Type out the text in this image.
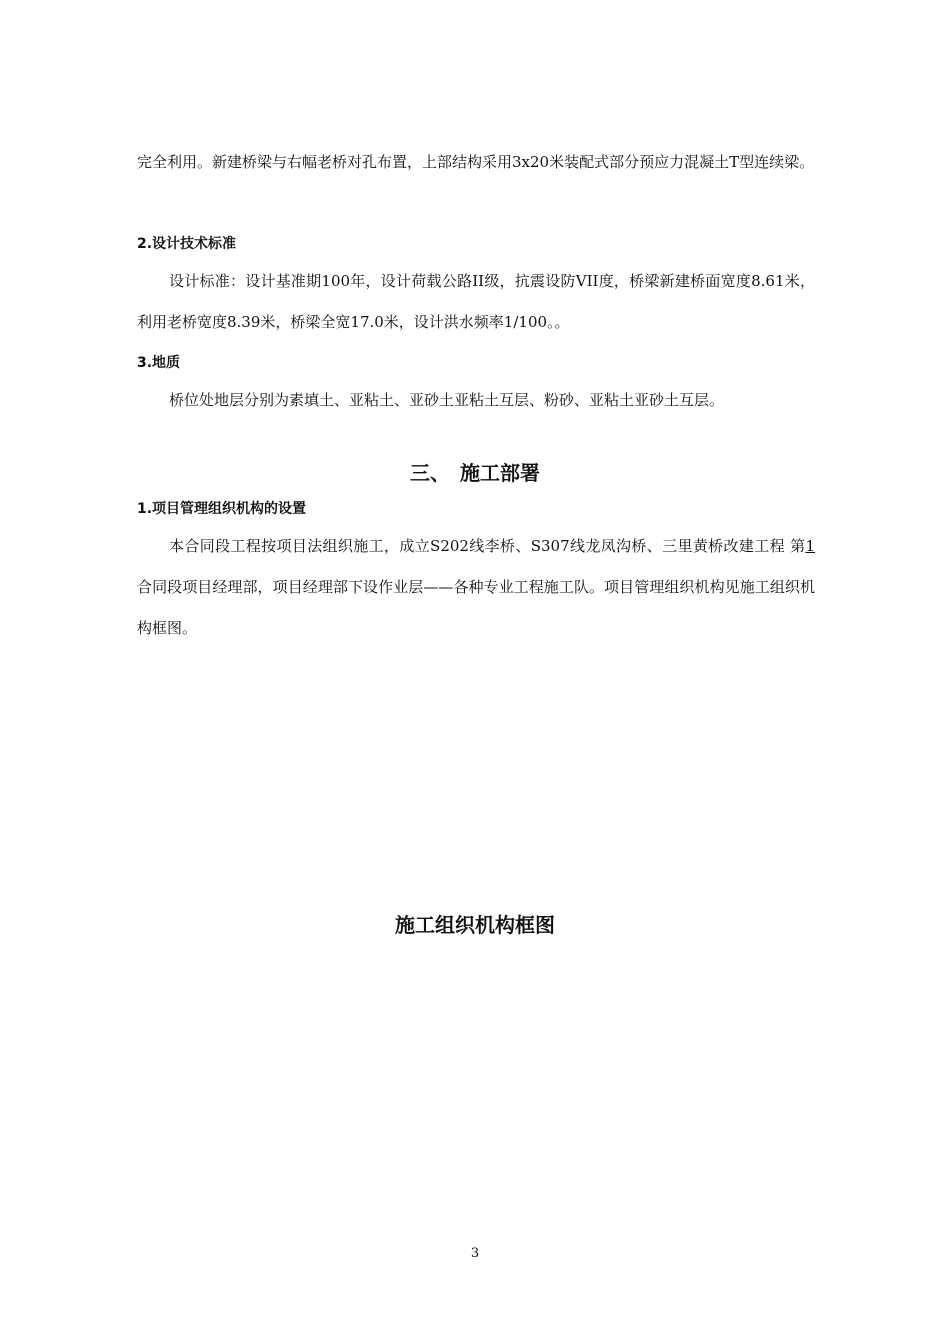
完全利用。新建桥梁与右幅老桥对孔布置，上部结构采用3x20米装配式部分预应力混凝土T型连续梁。

2.设计技术标准

设计标准：设计基准期100年，设计荷载公路II级，抗震设防VII度，桥梁新建桥面宽度8.61米，利用老桥宽度8.39米，桥梁全宽17.0米，设计洪水频率1/100。。

3.地质

桥位处地层分别为素填土、亚粘土、亚砂土亚粘土互层、粉砂、亚粘土亚砂土互层。

三、　施工部署

1.项目管理组织机构的设置

本合同段工程按项目法组织施工，成立S202线李桥、S307线龙凤沟桥、三里黄桥改建工程 第1 合同段项目经理部，项目经理部下设作业层——各种专业工程施工队。项目管理组织机构见施工组织机构框图。

施工组织机构框图

3
